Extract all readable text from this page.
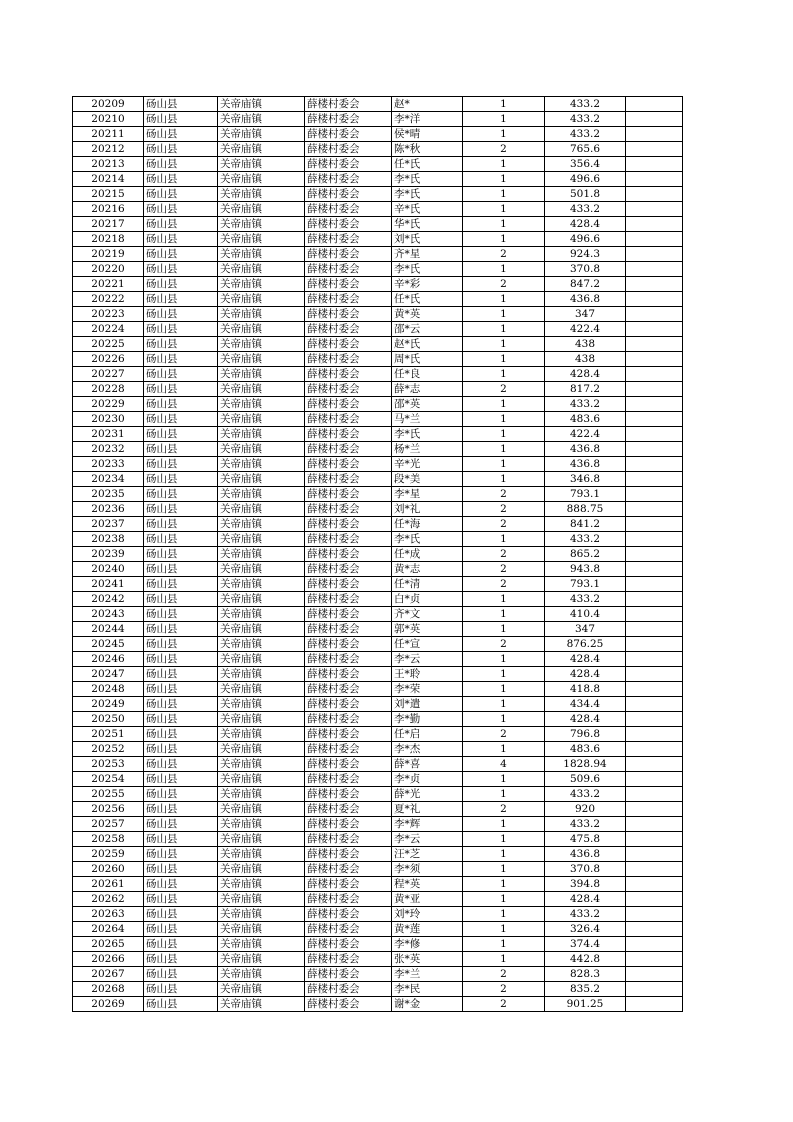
20209	砀山县	关帝庙镇	薛楼村委会	赵*	1	433.2	
20210	砀山县	关帝庙镇	薛楼村委会	李*洋	1	433.2	
20211	砀山县	关帝庙镇	薛楼村委会	侯*晴	1	433.2	
20212	砀山县	关帝庙镇	薛楼村委会	陈*秋	2	765.6	
20213	砀山县	关帝庙镇	薛楼村委会	任*氏	1	356.4	
20214	砀山县	关帝庙镇	薛楼村委会	李*氏	1	496.6	
20215	砀山县	关帝庙镇	薛楼村委会	李*氏	1	501.8	
20216	砀山县	关帝庙镇	薛楼村委会	辛*氏	1	433.2	
20217	砀山县	关帝庙镇	薛楼村委会	华*氏	1	428.4	
20218	砀山县	关帝庙镇	薛楼村委会	刘*氏	1	496.6	
20219	砀山县	关帝庙镇	薛楼村委会	齐*星	2	924.3	
20220	砀山县	关帝庙镇	薛楼村委会	李*氏	1	370.8	
20221	砀山县	关帝庙镇	薛楼村委会	辛*彩	2	847.2	
20222	砀山县	关帝庙镇	薛楼村委会	任*氏	1	436.8	
20223	砀山县	关帝庙镇	薛楼村委会	黄*英	1	347	
20224	砀山县	关帝庙镇	薛楼村委会	邵*云	1	422.4	
20225	砀山县	关帝庙镇	薛楼村委会	赵*氏	1	438	
20226	砀山县	关帝庙镇	薛楼村委会	周*氏	1	438	
20227	砀山县	关帝庙镇	薛楼村委会	任*良	1	428.4	
20228	砀山县	关帝庙镇	薛楼村委会	薛*志	2	817.2	
20229	砀山县	关帝庙镇	薛楼村委会	邵*英	1	433.2	
20230	砀山县	关帝庙镇	薛楼村委会	马*兰	1	483.6	
20231	砀山县	关帝庙镇	薛楼村委会	李*氏	1	422.4	
20232	砀山县	关帝庙镇	薛楼村委会	杨*兰	1	436.8	
20233	砀山县	关帝庙镇	薛楼村委会	辛*光	1	436.8	
20234	砀山县	关帝庙镇	薛楼村委会	段*美	1	346.8	
20235	砀山县	关帝庙镇	薛楼村委会	李*星	2	793.1	
20236	砀山县	关帝庙镇	薛楼村委会	刘*礼	2	888.75	
20237	砀山县	关帝庙镇	薛楼村委会	任*海	2	841.2	
20238	砀山县	关帝庙镇	薛楼村委会	李*氏	1	433.2	
20239	砀山县	关帝庙镇	薛楼村委会	任*成	2	865.2	
20240	砀山县	关帝庙镇	薛楼村委会	黄*志	2	943.8	
20241	砀山县	关帝庙镇	薛楼村委会	任*清	2	793.1	
20242	砀山县	关帝庙镇	薛楼村委会	白*贞	1	433.2	
20243	砀山县	关帝庙镇	薛楼村委会	齐*文	1	410.4	
20244	砀山县	关帝庙镇	薛楼村委会	郭*英	1	347	
20245	砀山县	关帝庙镇	薛楼村委会	任*宣	2	876.25	
20246	砀山县	关帝庙镇	薛楼村委会	李*云	1	428.4	
20247	砀山县	关帝庙镇	薛楼村委会	王*聆	1	428.4	
20248	砀山县	关帝庙镇	薛楼村委会	李*荣	1	418.8	
20249	砀山县	关帝庙镇	薛楼村委会	刘*遣	1	434.4	
20250	砀山县	关帝庙镇	薛楼村委会	李*勤	1	428.4	
20251	砀山县	关帝庙镇	薛楼村委会	任*启	2	796.8	
20252	砀山县	关帝庙镇	薛楼村委会	李*杰	1	483.6	
20253	砀山县	关帝庙镇	薛楼村委会	薛*喜	4	1828.94	
20254	砀山县	关帝庙镇	薛楼村委会	李*贞	1	509.6	
20255	砀山县	关帝庙镇	薛楼村委会	薛*光	1	433.2	
20256	砀山县	关帝庙镇	薛楼村委会	夏*礼	2	920	
20257	砀山县	关帝庙镇	薛楼村委会	李*辉	1	433.2	
20258	砀山县	关帝庙镇	薛楼村委会	李*云	1	475.8	
20259	砀山县	关帝庙镇	薛楼村委会	汪*芝	1	436.8	
20260	砀山县	关帝庙镇	薛楼村委会	李*须	1	370.8	
20261	砀山县	关帝庙镇	薛楼村委会	程*英	1	394.8	
20262	砀山县	关帝庙镇	薛楼村委会	黄*亚	1	428.4	
20263	砀山县	关帝庙镇	薛楼村委会	刘*玲	1	433.2	
20264	砀山县	关帝庙镇	薛楼村委会	黄*莲	1	326.4	
20265	砀山县	关帝庙镇	薛楼村委会	李*修	1	374.4	
20266	砀山县	关帝庙镇	薛楼村委会	张*英	1	442.8	
20267	砀山县	关帝庙镇	薛楼村委会	李*兰	2	828.3	
20268	砀山县	关帝庙镇	薛楼村委会	李*民	2	835.2	
20269	砀山县	关帝庙镇	薛楼村委会	谢*金	2	901.25	
